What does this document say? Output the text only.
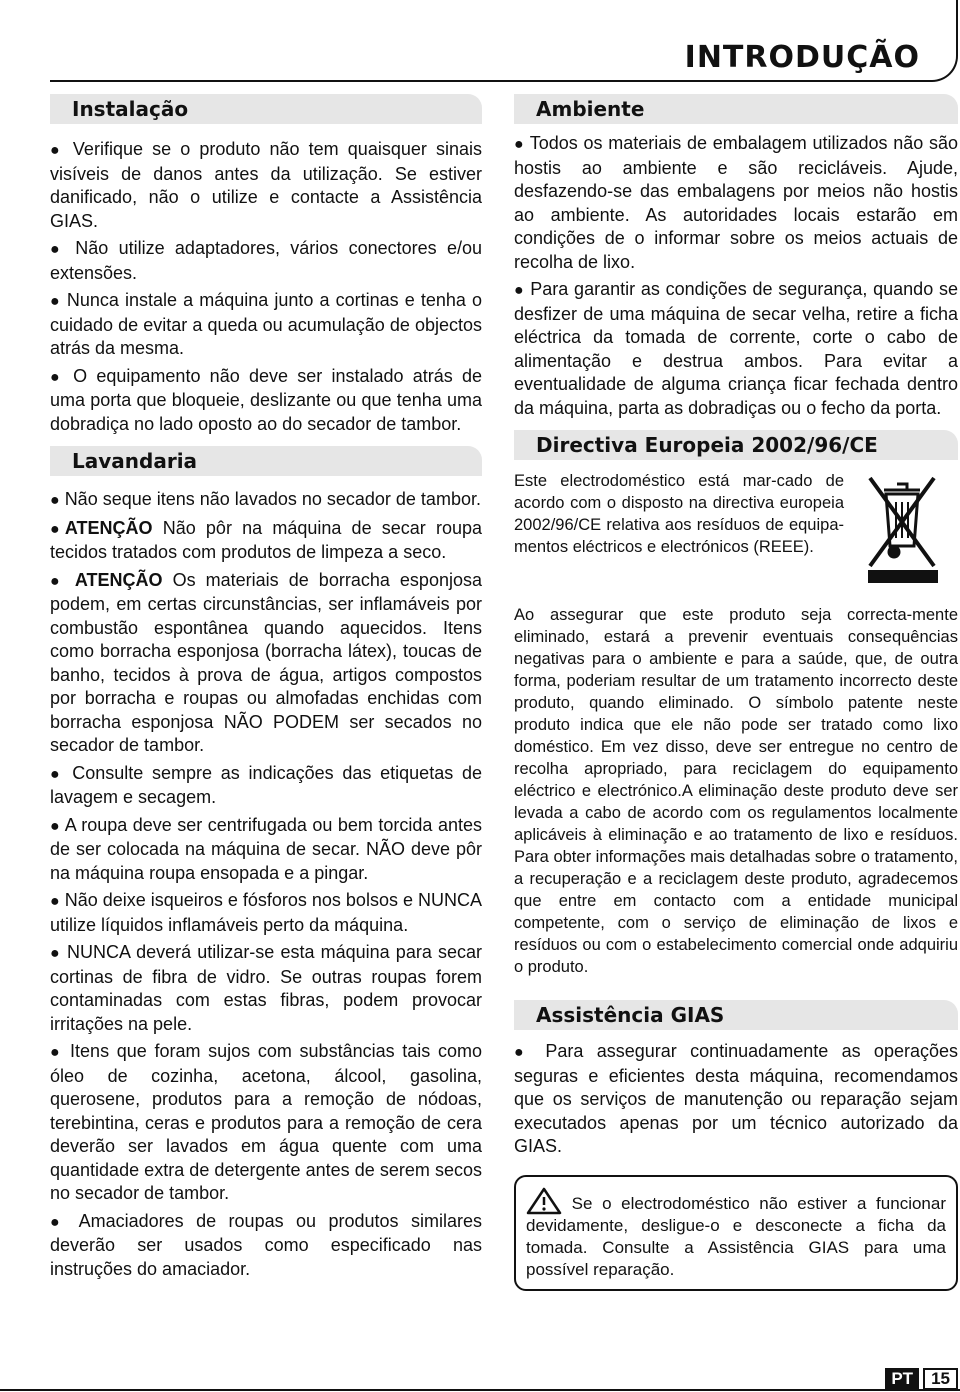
INTRODUÇÃO
Instalação

● Verifique se o produto não tem quaisquer sinais visíveis de danos antes da utilização. Se estiver danificado, não o utilize e contacte a Assistência GIAS.

● Não utilize adaptadores, vários conectores e/ou extensões.

● Nunca instale a máquina junto a cortinas e tenha o cuidado de evitar a queda ou acumulação de objectos atrás da mesma.

● O equipamento não deve ser instalado atrás de uma porta que bloqueie, deslizante ou que tenha uma dobradiça no lado oposto ao do secador de tambor.

Lavandaria

● Não seque itens não lavados no secador de tambor.

●ATENÇÃO Não pôr na máquina de secar roupa tecidos tratados com produtos de limpeza a seco.

● ATENÇÃO Os materiais de borracha esponjosa podem, em certas circunstâncias, ser inflamáveis por combustão espontânea quando aquecidos. Itens como borracha esponjosa (borracha látex), toucas de banho, tecidos à prova de água, artigos compostos por borracha e roupas ou almofadas enchidas com borracha esponjosa NÃO PODEM ser secados no secador de tambor.

● Consulte sempre as indicações das etiquetas de lavagem e secagem.

● A roupa deve ser centrifugada ou bem torcida antes de ser colocada na máquina de secar. NÃO deve pôr na máquina roupa ensopada e a pingar.

● Não deixe isqueiros e fósforos nos bolsos e NUNCA utilize líquidos inflamáveis perto da máquina.

● NUNCA deverá utilizar-se esta máquina para secar cortinas de fibra de vidro. Se outras roupas forem contaminadas com estas fibras, podem provocar irritações na pele.

● Itens que foram sujos com substâncias tais como óleo de cozinha, acetona, álcool, gasolina, querosene, produtos para a remoção de nódoas, terebintina, ceras e produtos para a remoção de cera deverão ser lavados em água quente com uma quantidade extra de detergente antes de serem secos no secador de tambor.

● Amaciadores de roupas ou produtos similares deverão ser usados como especificado nas instruções do amaciador.

Ambiente

● Todos os materiais de embalagem utilizados não são hostis ao ambiente e são recicláveis. Ajude, desfazendo-se das embalagens por meios não hostis ao ambiente. As autoridades locais estarão em condições de o informar sobre os meios actuais de recolha de lixo.

● Para garantir as condições de segurança, quando se desfizer de uma máquina de secar velha, retire a ficha eléctrica da tomada de corrente, corte o cabo de alimentação e destrua ambos. Para evitar a eventualidade de alguma criança ficar fechada dentro da máquina, parta as dobradiças ou o fecho da porta.

Directiva Europeia 2002/96/CE

Este electrodoméstico está mar-cado de acordo com o disposto na directiva europeia 2002/96/CE relativa aos resíduos de equipa-mentos eléctricos e electrónicos (REEE).

Ao assegurar que este produto seja correcta-mente eliminado, estará a prevenir eventuais consequências negativas para o ambiente e para a saúde, que, de outra forma, poderiam resultar de um tratamento incorrecto deste produto, quando eliminado. O símbolo patente neste produto indica que ele não pode ser tratado como lixo doméstico. Em vez disso, deve ser entregue no centro de recolha apropriado, para reciclagem do equipamento eléctrico e electrónico.A eliminação deste produto deve ser levada a cabo de acordo com os regulamentos localmente aplicáveis à eliminação e ao tratamento de lixo e resíduos. Para obter informações mais detalhadas sobre o tratamento, a recuperação e a reciclagem deste produto, agradecemos que entre em contacto com a entidade municipal competente, com o serviço de eliminação de lixos e resíduos ou com o estabelecimento comercial onde adquiriu o produto.

Assistência GIAS

● Para assegurar continuadamente as operações seguras e eficientes desta máquina, recomendamos que os serviços de manutenção ou reparação sejam executados apenas por um técnico autorizado da GIAS.

Se o electrodoméstico não estiver a funcionar devidamente, desligue-o e desconecte a ficha da tomada. Consulte a Assistência GIAS para uma possível reparação.

PT	15
